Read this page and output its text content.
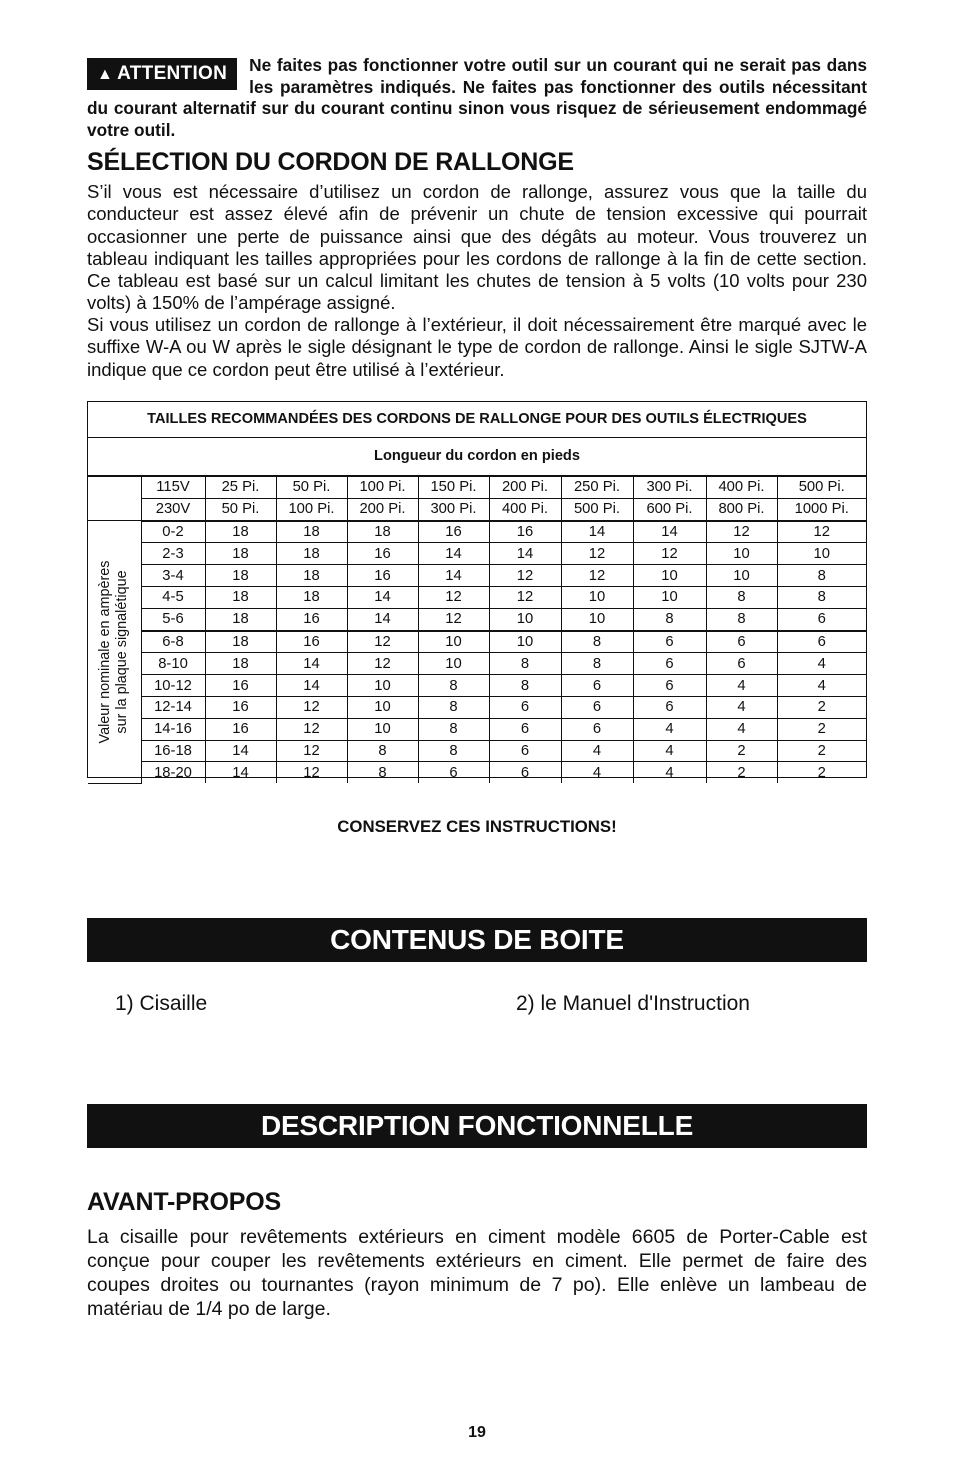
▲ ATTENTION	Ne faites pas fonctionner votre outil sur un courant qui ne serait pas dans les paramètres indiqués. Ne faites pas fonctionner des outils nécessitant du courant alternatif sur du courant continu sinon vous risquez de sérieusement endommagé votre outil.

SÉLECTION DU CORDON DE RALLONGE

S’il vous est nécessaire d’utilisez un cordon de rallonge, assurez vous que la taille du conducteur est assez élevé afin de prévenir un chute de tension excessive qui pourrait occasionner une perte de puissance ainsi que des dégâts au moteur. Vous trouverez un tableau indiquant les tailles appropriées pour les cordons de rallonge à la fin de cette section. Ce tableau est basé sur un calcul limitant les chutes de tension à 5 volts (10 volts pour 230 volts) à 150% de l’ampérage assigné.

Si vous utilisez un cordon de rallonge à l’extérieur, il doit nécessairement être marqué avec le suffixe W-A ou W après le sigle désignant le type de cordon de rallonge. Ainsi le sigle SJTW-A indique que ce cordon peut être utilisé à l’extérieur.

TAILLES RECOMMANDÉES DES CORDONS DE RALLONGE POUR DES OUTILS ÉLECTRIQUES
Longueur du cordon en pieds
	115V	25 Pi.	50 Pi.	100 Pi.	150 Pi.	200 Pi.	250 Pi.	300 Pi.	400 Pi.	500 Pi.
	230V	50 Pi.	100 Pi.	200 Pi.	300 Pi.	400 Pi.	500 Pi.	600 Pi.	800 Pi.	1000 Pi.

Valeur nominale en ampères sur la plaque signalétique	0-2	18	18	18	16	16	14	14	12	12
	2-3	18	18	16	14	14	12	12	10	10
	3-4	18	18	16	14	12	12	10	10	8
	4-5	18	18	14	12	12	10	10	8	8
	5-6	18	16	14	12	10	10	8	8	6
	6-8	18	16	12	10	10	8	6	6	6
	8-10	18	14	12	10	8	8	6	6	4
	10-12	16	14	10	8	8	6	6	4	4
	12-14	16	12	10	8	6	6	6	4	2
	14-16	16	12	10	8	6	6	4	4	2
	16-18	14	12	8	8	6	4	4	2	2
	18-20	14	12	8	6	6	4	4	2	2

CONSERVEZ CES INSTRUCTIONS!

CONTENUS DE BOITE

1) Cisaille	2) le Manuel d'Instruction

DESCRIPTION FONCTIONNELLE
AVANT-PROPOS

La cisaille pour revêtements extérieurs en ciment modèle 6605 de Porter-Cable est conçue pour couper les revêtements extérieurs en ciment. Elle permet de faire des coupes droites ou tournantes (rayon minimum de 7 po). Elle enlève un lambeau de matériau de 1/4 po de large.

19
